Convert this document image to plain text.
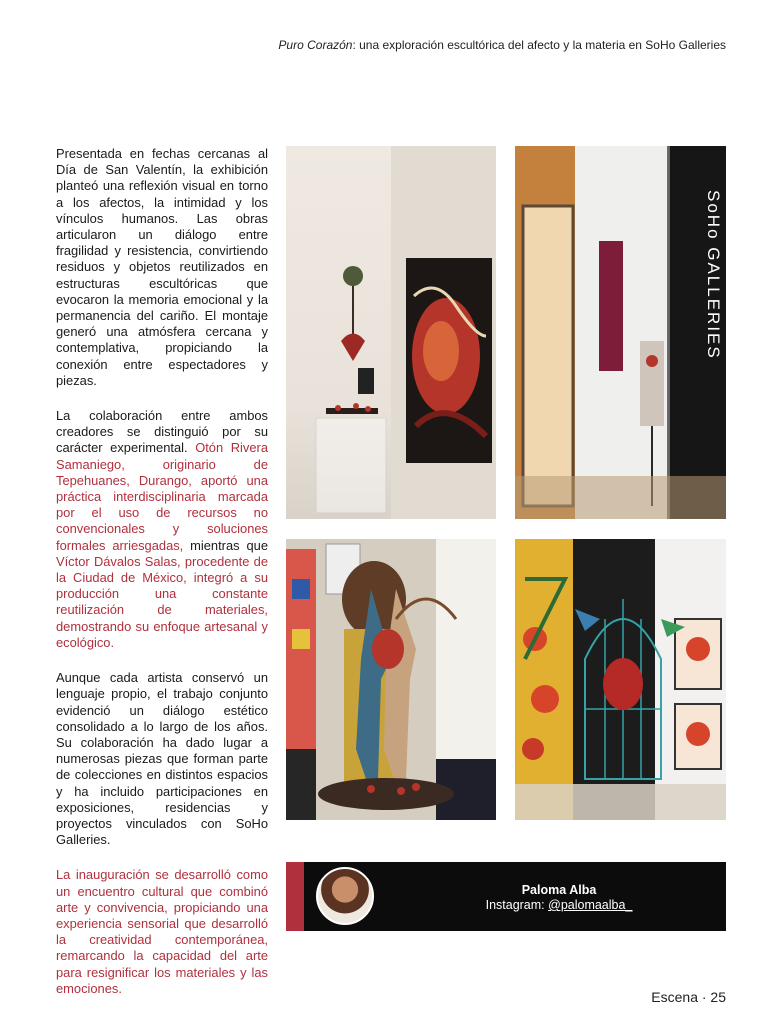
Puro Corazón: una exploración escultórica del afecto y la materia en SoHo Galleries

Presentada en fechas cercanas al Día de San Valentín, la exhibición planteó una reflexión visual en torno a los afectos, la intimidad y los vínculos humanos. Las obras articularon un diálogo entre fragilidad y resistencia, convirtiendo residuos y objetos reutilizados en estructuras escultóricas que evocaron la memoria emocional y la permanencia del cariño. El montaje generó una atmósfera cercana y contemplativa, propiciando la conexión entre espectadores y piezas.

La colaboración entre ambos creadores se distinguió por su carácter experimental. Otón Rivera Samaniego, originario de Tepehuanes, Durango, aportó una práctica interdisciplinaria marcada por el uso de recursos no convencionales y soluciones formales arriesgadas, mientras que Víctor Dávalos Salas, procedente de la Ciudad de México, integró a su producción una constante reutilización de materiales, demostrando su enfoque artesanal y ecológico.

Aunque cada artista conservó un lenguaje propio, el trabajo conjunto evidenció un diálogo estético consolidado a lo largo de los años. Su colaboración ha dado lugar a numerosas piezas que forman parte de colecciones en distintos espacios y ha incluido participaciones en exposiciones, residencias y proyectos vinculados con SoHo Galleries.

La inauguración se desarrolló como un encuentro cultural que combinó arte y convivencia, propiciando una experiencia sensorial que desarrolló la creatividad contemporánea, remarcando la capacidad del arte para resignificar los materiales y las emociones.

SoHo GALLERIES
Paloma Alba
Instagram: @palomaalba_
Escena · 25
